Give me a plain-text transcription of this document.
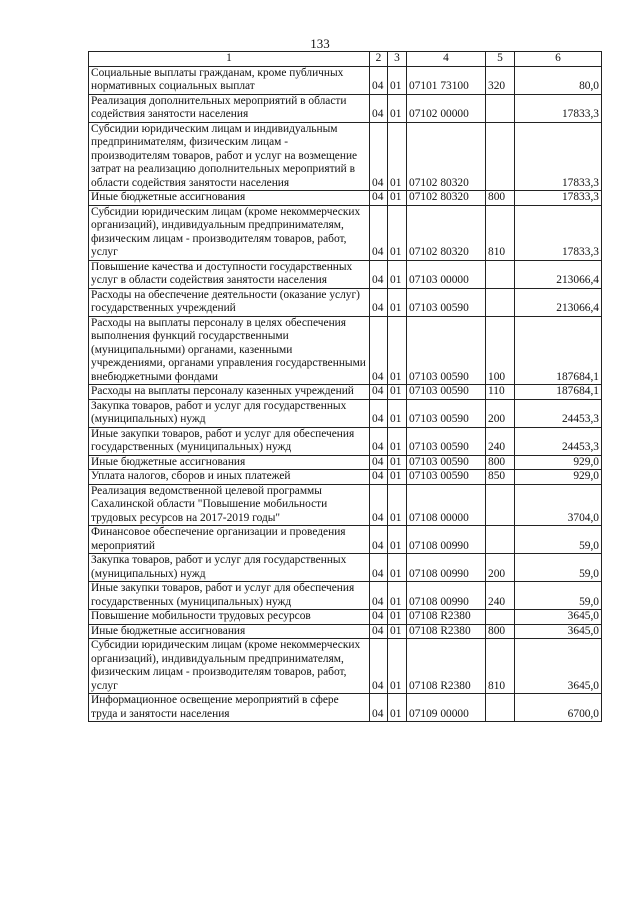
133
1	2	3	4	5	6
Социальные выплаты гражданам, кроме публичных нормативных социальных выплат	04	01	07101 73100	320	80,0
Реализация дополнительных мероприятий в области содействия занятости населения	04	01	07102 00000		17833,3
Субсидии юридическим лицам и индивидуальным предпринимателям, физическим лицам - производителям товаров, работ и услуг на возмещение затрат на реализацию дополнительных мероприятий в области содействия занятости населения	04	01	07102 80320		17833,3
Иные бюджетные ассигнования	04	01	07102 80320	800	17833,3
Субсидии юридическим лицам (кроме некоммерческих организаций), индивидуальным предпринимателям, физическим лицам - производителям товаров, работ, услуг	04	01	07102 80320	810	17833,3
Повышение качества и доступности государственных услуг в области содействия занятости населения	04	01	07103 00000		213066,4
Расходы на обеспечение деятельности (оказание услуг) государственных учреждений	04	01	07103 00590		213066,4
Расходы на выплаты персоналу в целях обеспечения выполнения функций государственными (муниципальными) органами, казенными учреждениями, органами управления государственными внебюджетными фондами	04	01	07103 00590	100	187684,1
Расходы на выплаты персоналу казенных учреждений	04	01	07103 00590	110	187684,1
Закупка товаров, работ и услуг для государственных (муниципальных) нужд	04	01	07103 00590	200	24453,3
Иные закупки товаров, работ и услуг для обеспечения государственных (муниципальных) нужд	04	01	07103 00590	240	24453,3
Иные бюджетные ассигнования	04	01	07103 00590	800	929,0
Уплата налогов, сборов и иных платежей	04	01	07103 00590	850	929,0
Реализация ведомственной целевой программы Сахалинской области "Повышение мобильности трудовых ресурсов на 2017-2019 годы"	04	01	07108 00000		3704,0
Финансовое обеспечение организации и проведения мероприятий	04	01	07108 00990		59,0
Закупка товаров, работ и услуг для государственных (муниципальных) нужд	04	01	07108 00990	200	59,0
Иные закупки товаров, работ и услуг для обеспечения государственных (муниципальных) нужд	04	01	07108 00990	240	59,0
Повышение мобильности трудовых ресурсов	04	01	07108 R2380		3645,0
Иные бюджетные ассигнования	04	01	07108 R2380	800	3645,0
Субсидии юридическим лицам (кроме некоммерческих организаций), индивидуальным предпринимателям, физическим лицам - производителям товаров, работ, услуг	04	01	07108 R2380	810	3645,0
Информационное освещение мероприятий в сфере труда и занятости населения	04	01	07109 00000		6700,0
